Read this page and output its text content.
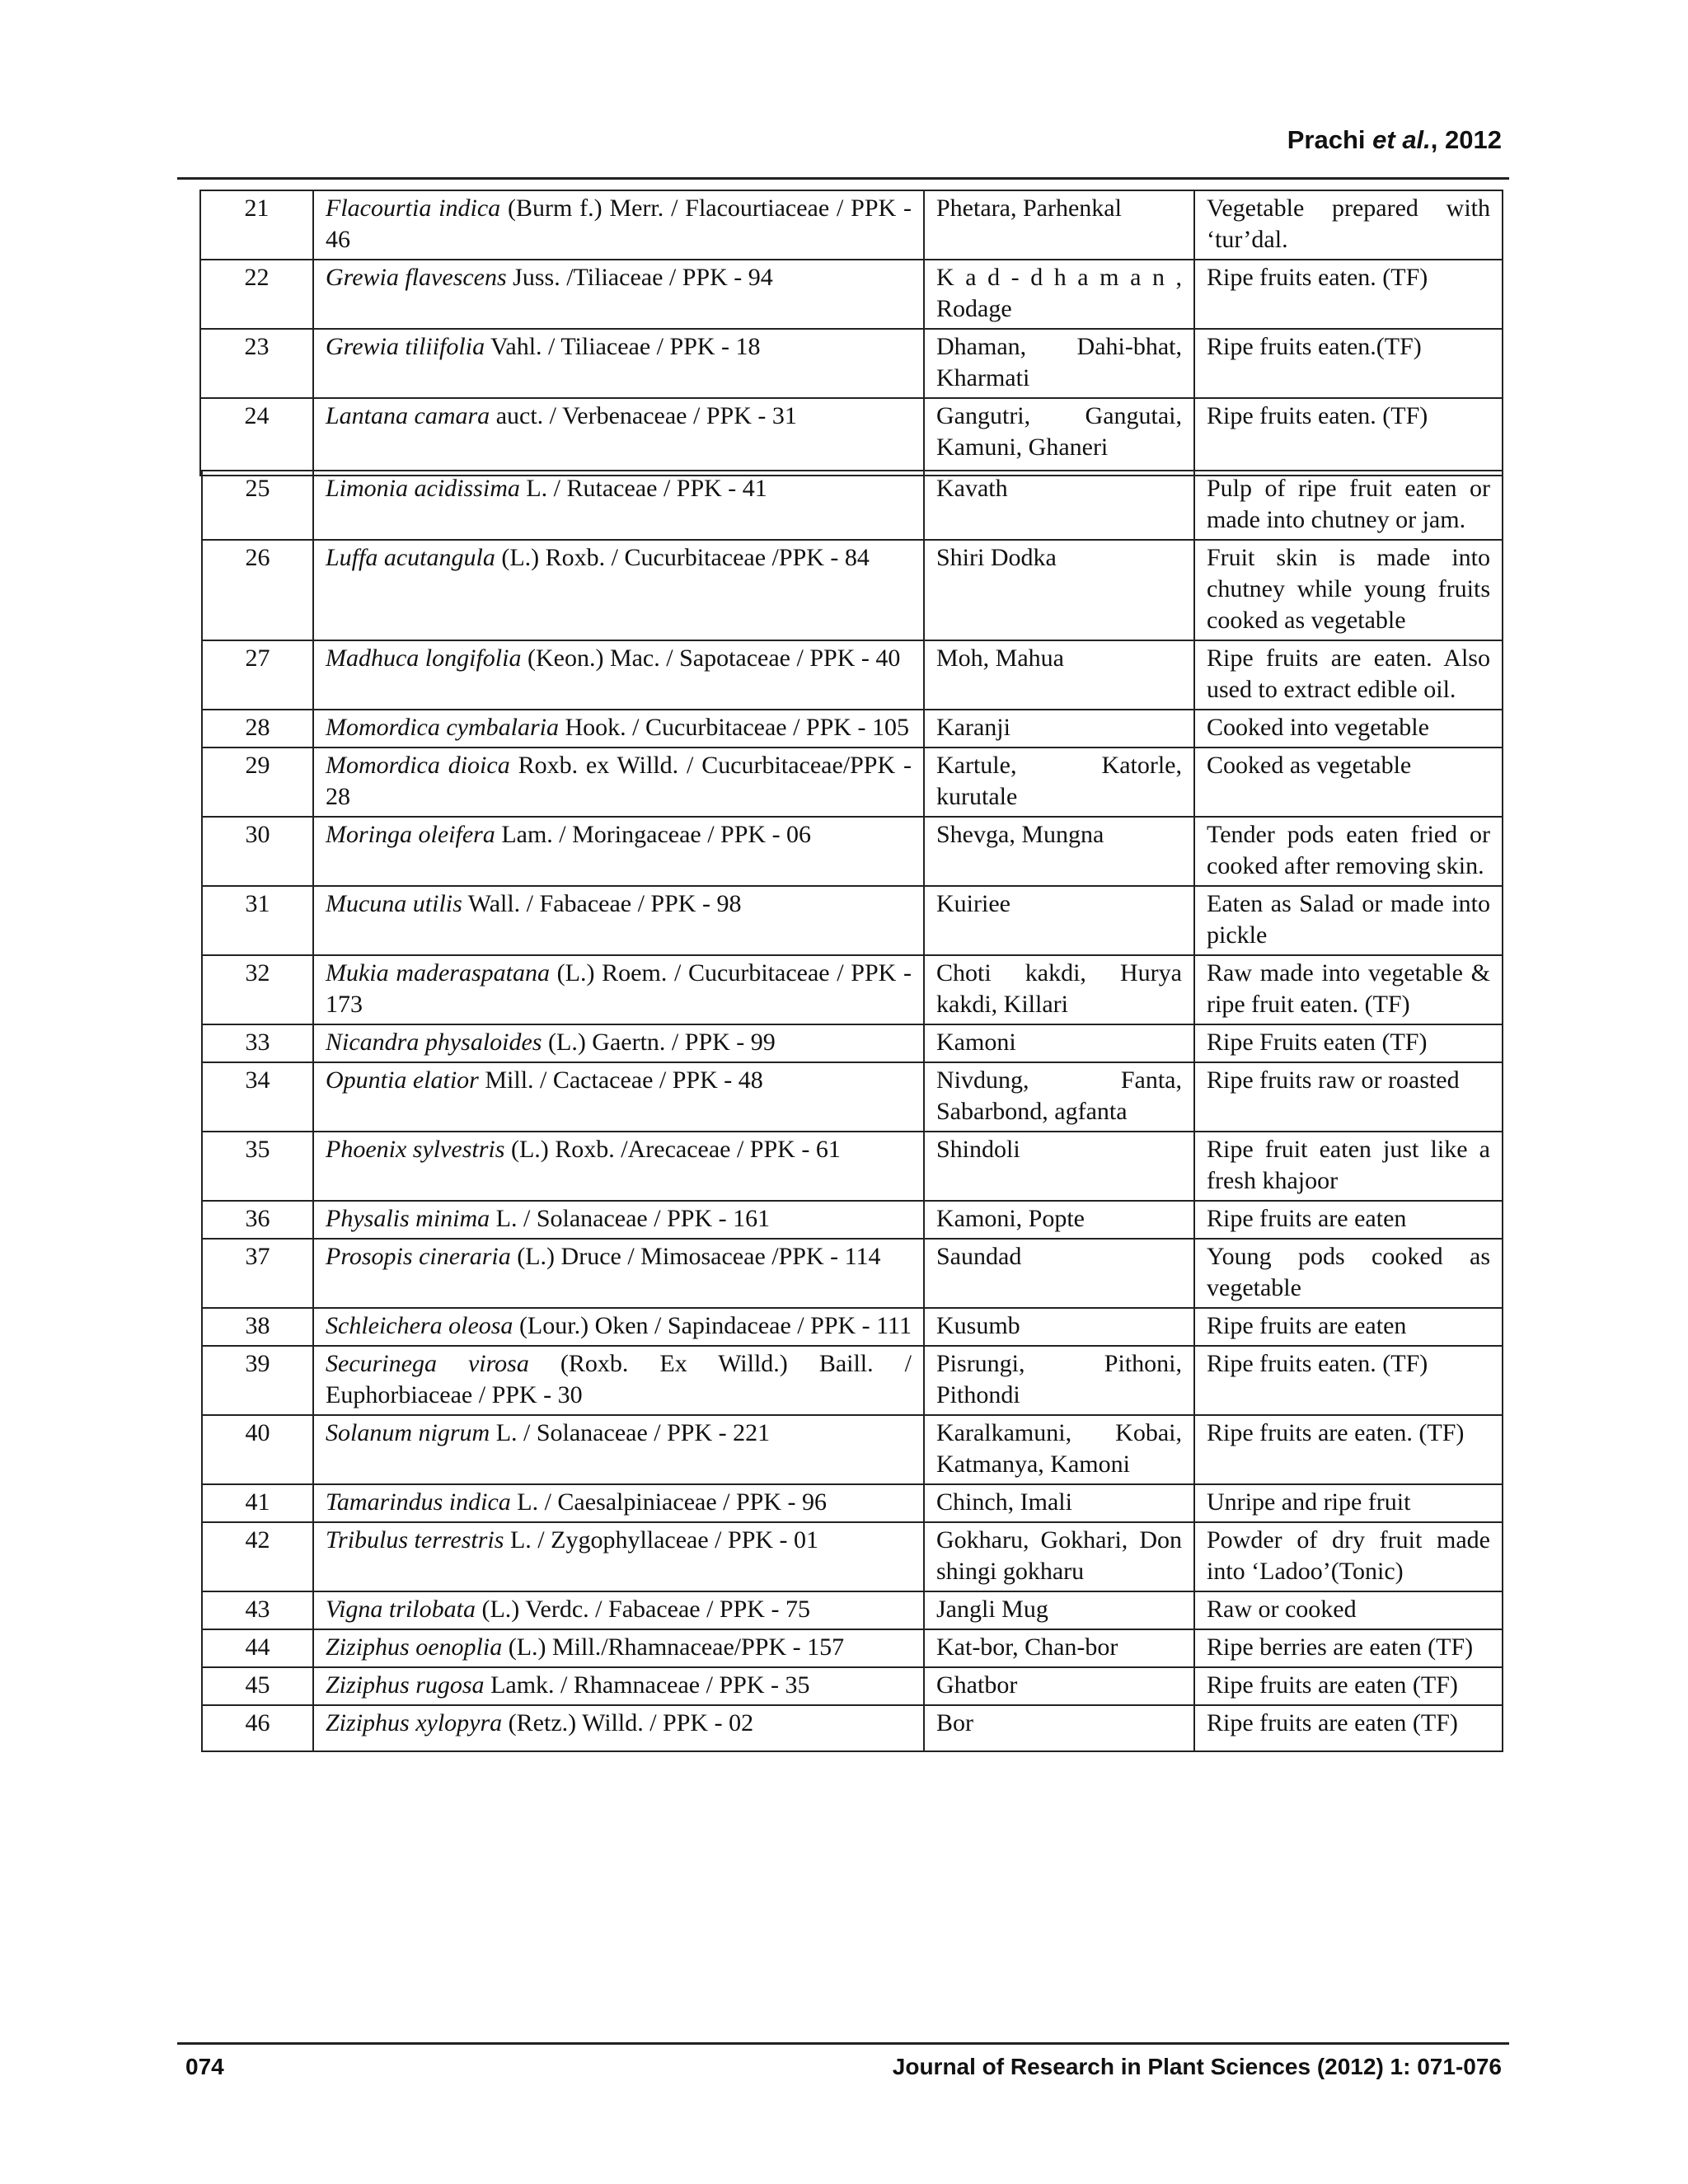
Prachi et al., 2012
21	Flacourtia indica (Burm f.) Merr. / Flacourtiaceae / PPK - 46	Phetara, Parhenkal	Vegetable prepared with ‘tur’dal.
22	Grewia flavescens Juss. /Tiliaceae / PPK - 94	K a d - d h a m a n , Rodage	Ripe fruits eaten. (TF)
23	Grewia tiliifolia Vahl. / Tiliaceae / PPK - 18	Dhaman, Dahi-bhat, Kharmati	Ripe fruits eaten.(TF)
24	Lantana camara auct. / Verbenaceae / PPK - 31	Gangutri, Gangutai, Kamuni, Ghaneri	Ripe fruits eaten. (TF)
25	Limonia acidissima L. / Rutaceae / PPK - 41	Kavath	Pulp of ripe fruit eaten or made into chutney or jam.
26	Luffa acutangula (L.) Roxb. / Cucurbitaceae /PPK - 84	Shiri Dodka	Fruit skin is made into chutney while young fruits cooked as vegetable
27	Madhuca longifolia (Keon.) Mac. / Sapotaceae / PPK - 40	Moh, Mahua	Ripe fruits are eaten. Also used to extract edible oil.
28	Momordica cymbalaria Hook. / Cucurbitaceae / PPK - 105	Karanji	Cooked into vegetable
29	Momordica dioica Roxb. ex Willd. / Cucurbitaceae/PPK - 28	Kartule, Katorle, kurutale	Cooked as vegetable
30	Moringa oleifera Lam. / Moringaceae / PPK - 06	Shevga, Mungna	Tender pods eaten fried or cooked after removing skin.
31	Mucuna utilis Wall. / Fabaceae / PPK - 98	Kuiriee	Eaten as Salad or made into pickle
32	Mukia maderaspatana (L.) Roem. / Cucurbitaceae / PPK - 173	Choti kakdi, Hurya kakdi, Killari	Raw made into vegetable & ripe fruit eaten. (TF)
33	Nicandra physaloides (L.) Gaertn. / PPK - 99	Kamoni	Ripe Fruits eaten (TF)
34	Opuntia elatior Mill. / Cactaceae / PPK - 48	Nivdung, Fanta, Sabarbond, agfanta	Ripe fruits raw or roasted
35	Phoenix sylvestris (L.) Roxb. /Arecaceae / PPK - 61	Shindoli	Ripe fruit eaten just like a fresh khajoor
36	Physalis minima L. / Solanaceae / PPK - 161	Kamoni, Popte	Ripe fruits are eaten
37	Prosopis cineraria (L.) Druce / Mimosaceae /PPK - 114	Saundad	Young pods cooked as vegetable
38	Schleichera oleosa (Lour.) Oken / Sapindaceae / PPK - 111	Kusumb	Ripe fruits are eaten
39	Securinega virosa (Roxb. Ex Willd.) Baill. / Euphorbiaceae / PPK - 30	Pisrungi, Pithoni, Pithondi	Ripe fruits eaten. (TF)
40	Solanum nigrum L. / Solanaceae / PPK - 221	Karalkamuni, Kobai, Katmanya, Kamoni	Ripe fruits are eaten. (TF)
41	Tamarindus indica L. / Caesalpiniaceae / PPK - 96	Chinch, Imali	Unripe and ripe fruit
42	Tribulus terrestris L. / Zygophyllaceae / PPK - 01	Gokharu, Gokhari, Don shingi gokharu	Powder of dry fruit made into ‘Ladoo’(Tonic)
43	Vigna trilobata (L.) Verdc. / Fabaceae / PPK - 75	Jangli Mug	Raw or cooked
44	Ziziphus oenoplia (L.) Mill./Rhamnaceae/PPK - 157	Kat-bor, Chan-bor	Ripe berries are eaten (TF)
45	Ziziphus rugosa Lamk. / Rhamnaceae / PPK - 35	Ghatbor	Ripe fruits are eaten (TF)
46	Ziziphus xylopyra (Retz.) Willd. / PPK - 02	Bor	Ripe fruits are eaten (TF)
074	Journal of Research in Plant Sciences (2012) 1: 071-076
